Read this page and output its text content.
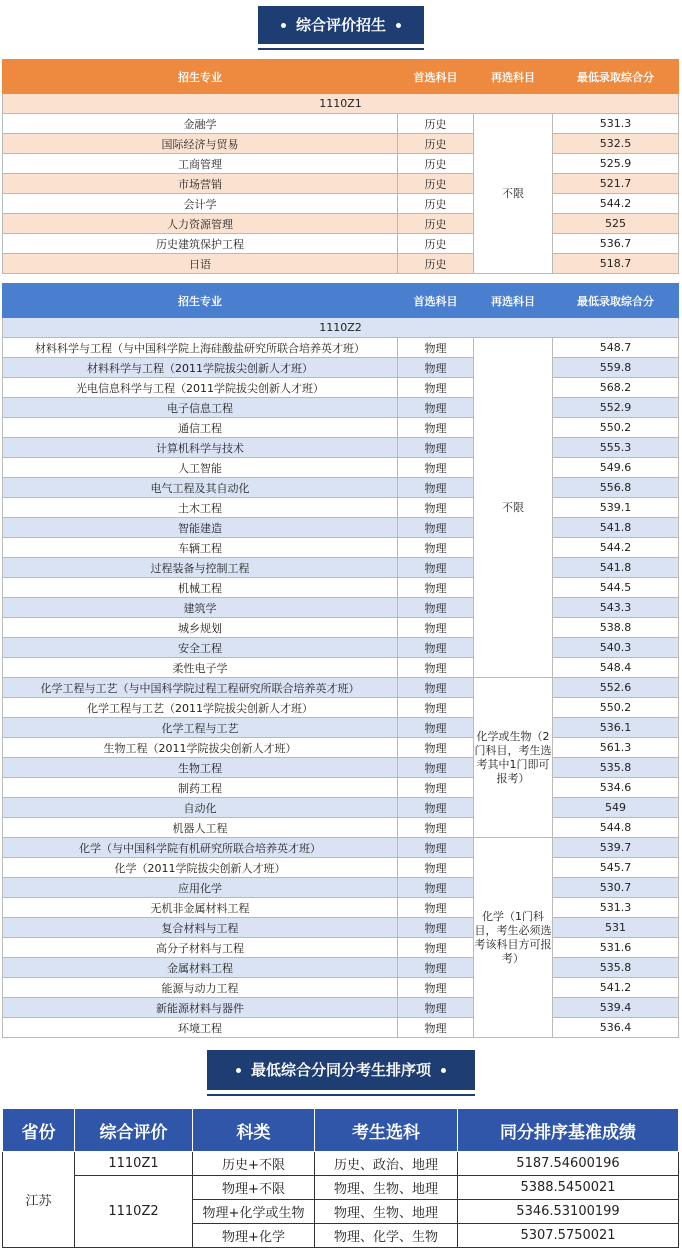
综合评价招生
招生专业	首选科目	再选科目	最低录取综合分
1110Z1			
金融学	历史	不限	531.3
国际经济与贸易	历史		532.5
工商管理	历史		525.9
市场营销	历史		521.7
会计学	历史		544.2
人力资源管理	历史		525
历史建筑保护工程	历史		536.7
日语	历史		518.7
招生专业	首选科目	再选科目	最低录取综合分
1110Z2			
材料科学与工程（与中国科学院上海硅酸盐研究所联合培养英才班）	物理	不限	548.7
材料科学与工程（2011学院拔尖创新人才班）	物理		559.8
光电信息科学与工程（2011学院拔尖创新人才班）	物理		568.2
电子信息工程	物理		552.9
通信工程	物理		550.2
计算机科学与技术	物理		555.3
人工智能	物理		549.6
电气工程及其自动化	物理		556.8
土木工程	物理		539.1
智能建造	物理		541.8
车辆工程	物理		544.2
过程装备与控制工程	物理		541.8
机械工程	物理		544.5
建筑学	物理		543.3
城乡规划	物理		538.8
安全工程	物理		540.3
柔性电子学	物理		548.4
化学工程与工艺（与中国科学院过程工程研究所联合培养英才班）	物理	化学或生物（2门科目，考生选考其中1门即可报考）	552.6
化学工程与工艺（2011学院拔尖创新人才班）	物理		550.2
化学工程与工艺	物理		536.1
生物工程（2011学院拔尖创新人才班）	物理		561.3
生物工程	物理		535.8
制药工程	物理		534.6
自动化	物理		549
机器人工程	物理		544.8
化学（与中国科学院有机研究所联合培养英才班）	物理	化学（1门科目，考生必须选考该科目方可报考）	539.7
化学（2011学院拔尖创新人才班）	物理		545.7
应用化学	物理		530.7
无机非金属材料工程	物理		531.3
复合材料与工程	物理		531
高分子材料与工程	物理		531.6
金属材料工程	物理		535.8
能源与动力工程	物理		541.2
新能源材料与器件	物理		539.4
环境工程	物理		536.4
最低综合分同分考生排序项
省份	综合评价	科类	考生选科	同分排序基准成绩
江苏	1110Z1	历史+不限	历史、政治、地理	5187.54600196
	1110Z2	物理+不限	物理、生物、地理	5388.5450021
		物理+化学或生物	物理、生物、地理	5346.53100199
		物理+化学	物理、化学、生物	5307.5750021
